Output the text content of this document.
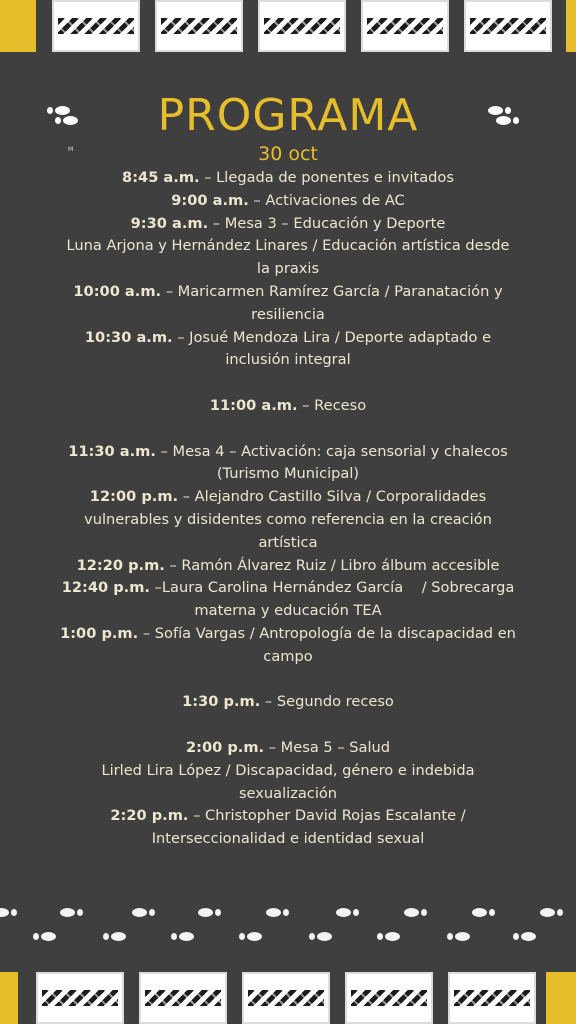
PROGRAMA
M	30 oct

8:45 a.m. – Llegada de ponentes e invitados

9:00 a.m. – Activaciones de AC

9:30 a.m. – Mesa 3 – Educación y Deporte

Luna Arjona y Hernández Linares / Educación artística desde la praxis

10:00 a.m. – Maricarmen Ramírez García / Paranatación y resiliencia

10:30 a.m. – Josué Mendoza Lira / Deporte adaptado e inclusión integral

11:00 a.m. – Receso

11:30 a.m. – Mesa 4 – Activación: caja sensorial y chalecos (Turismo Municipal)

12:00 p.m. – Alejandro Castillo Silva / Corporalidades vulnerables y disidentes como referencia en la creación artística

12:20 p.m. – Ramón Álvarez Ruiz / Libro álbum accesible

12:40 p.m. –Laura Carolina Hernández García    / Sobrecarga materna y educación TEA

1:00 p.m. – Sofía Vargas / Antropología de la discapacidad en campo

1:30 p.m. – Segundo receso

2:00 p.m. – Mesa 5 – Salud

Lirled Lira López / Discapacidad, género e indebida sexualización

2:20 p.m. – Christopher David Rojas Escalante / Interseccionalidad e identidad sexual
